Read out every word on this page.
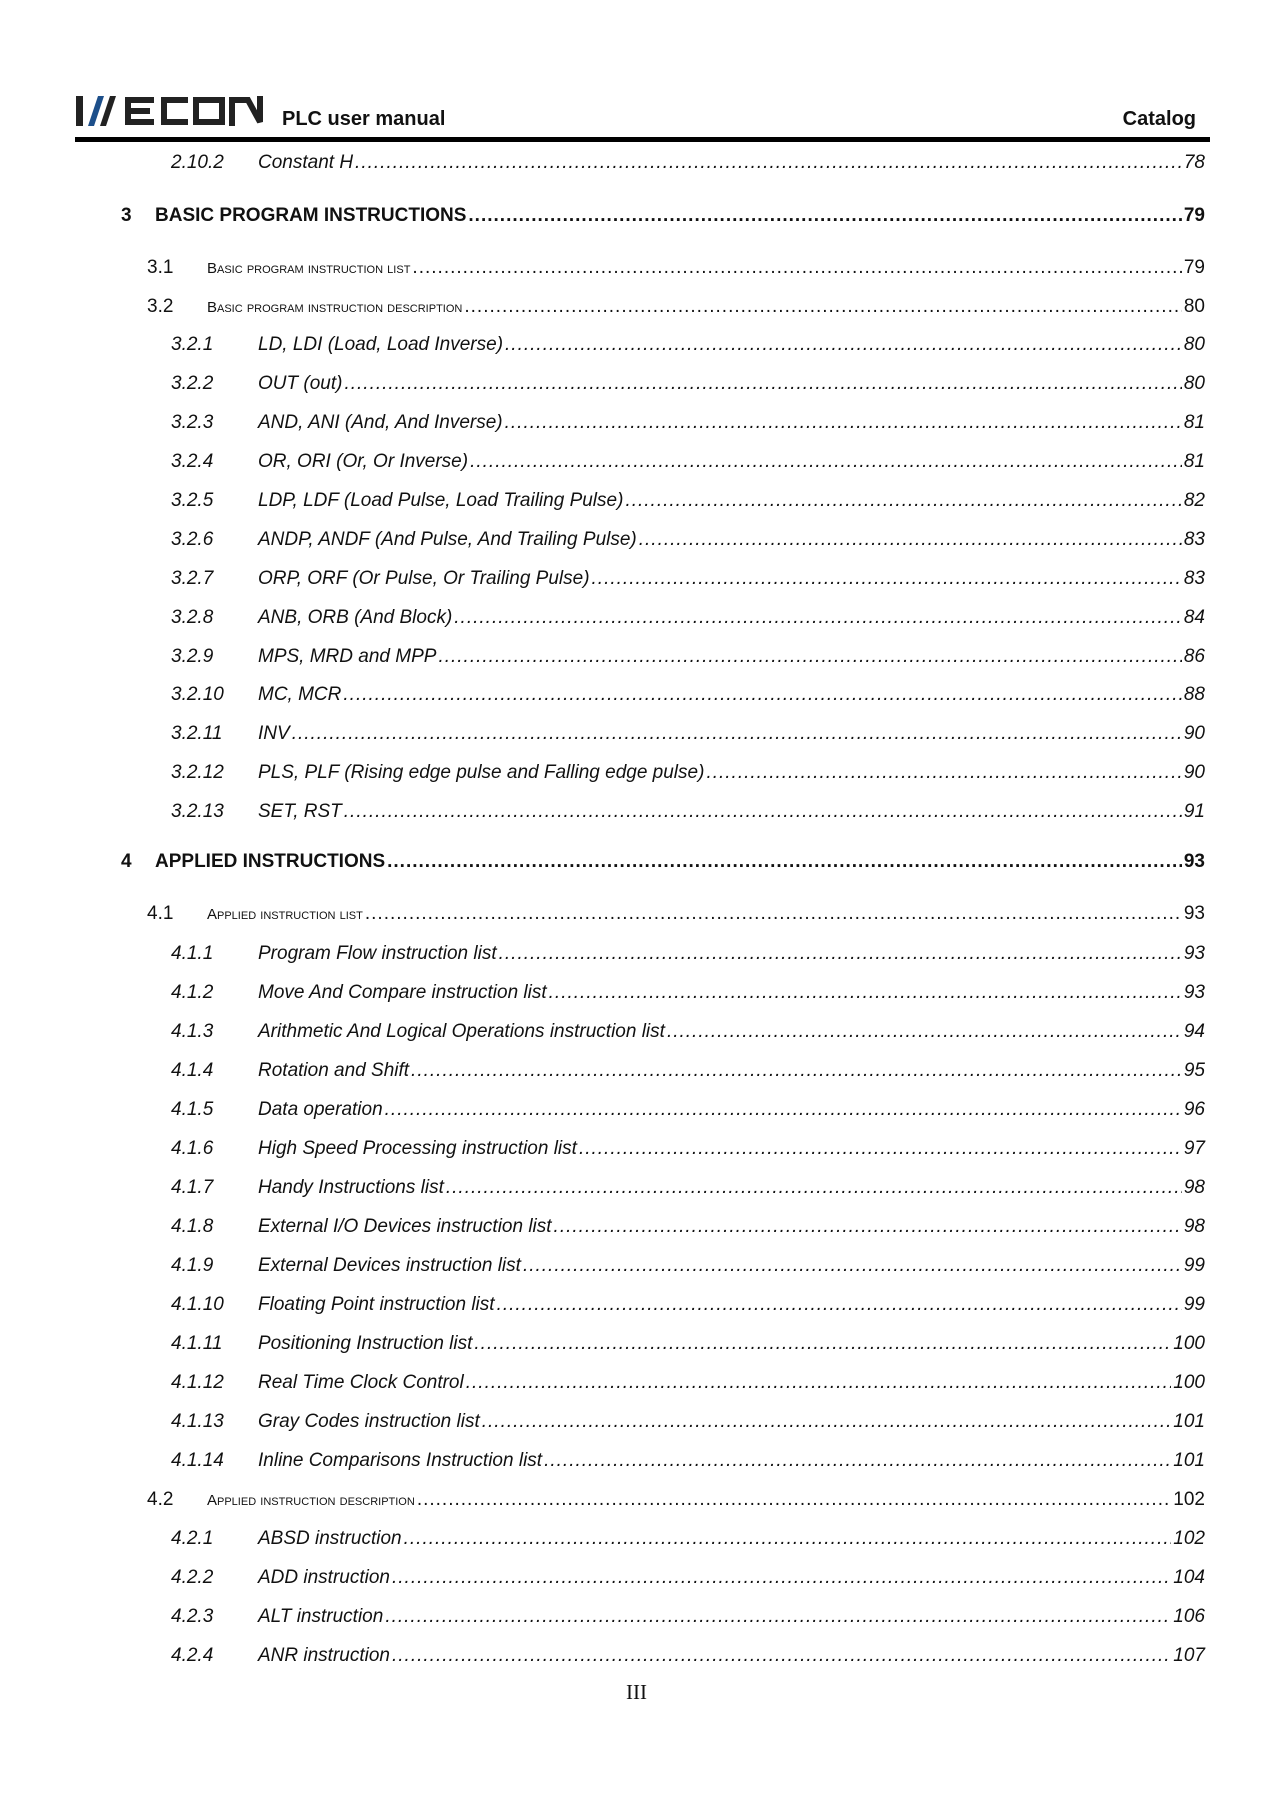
PLC user manual	Catalog
2.10.2 Constant H .....	78
3 BASIC PROGRAM INSTRUCTIONS .....	79
3.1 Basic program instruction list .....	79
3.2 Basic program instruction description .....	80
3.2.1 LD, LDI (Load, Load Inverse) .....	80
3.2.2 OUT (out) .....	80
3.2.3 AND, ANI (And, And Inverse) .....	81
3.2.4 OR, ORI (Or, Or Inverse) .....	81
3.2.5 LDP, LDF (Load Pulse, Load Trailing Pulse) .....	82
3.2.6 ANDP, ANDF (And Pulse, And Trailing Pulse) .....	83
3.2.7 ORP, ORF (Or Pulse, Or Trailing Pulse) .....	83
3.2.8 ANB, ORB (And Block) .....	84
3.2.9 MPS, MRD and MPP .....	86
3.2.10 MC, MCR .....	88
3.2.11 INV .....	90
3.2.12 PLS, PLF (Rising edge pulse and Falling edge pulse) .....	90
3.2.13 SET, RST .....	91
4 APPLIED INSTRUCTIONS .....	93
4.1 Applied instruction list .....	93
4.1.1 Program Flow instruction list .....	93
4.1.2 Move And Compare instruction list .....	93
4.1.3 Arithmetic And Logical Operations instruction list .....	94
4.1.4 Rotation and Shift .....	95
4.1.5 Data operation .....	96
4.1.6 High Speed Processing instruction list .....	97
4.1.7 Handy Instructions list .....	98
4.1.8 External I/O Devices instruction list .....	98
4.1.9 External Devices instruction list .....	99
4.1.10 Floating Point instruction list .....	99
4.1.11 Positioning Instruction list .....	100
4.1.12 Real Time Clock Control .....	100
4.1.13 Gray Codes instruction list .....	101
4.1.14 Inline Comparisons Instruction list .....	101
4.2 Applied instruction description .....	102
4.2.1 ABSD instruction .....	102
4.2.2 ADD instruction .....	104
4.2.3 ALT instruction .....	106
4.2.4 ANR instruction .....	107
III
